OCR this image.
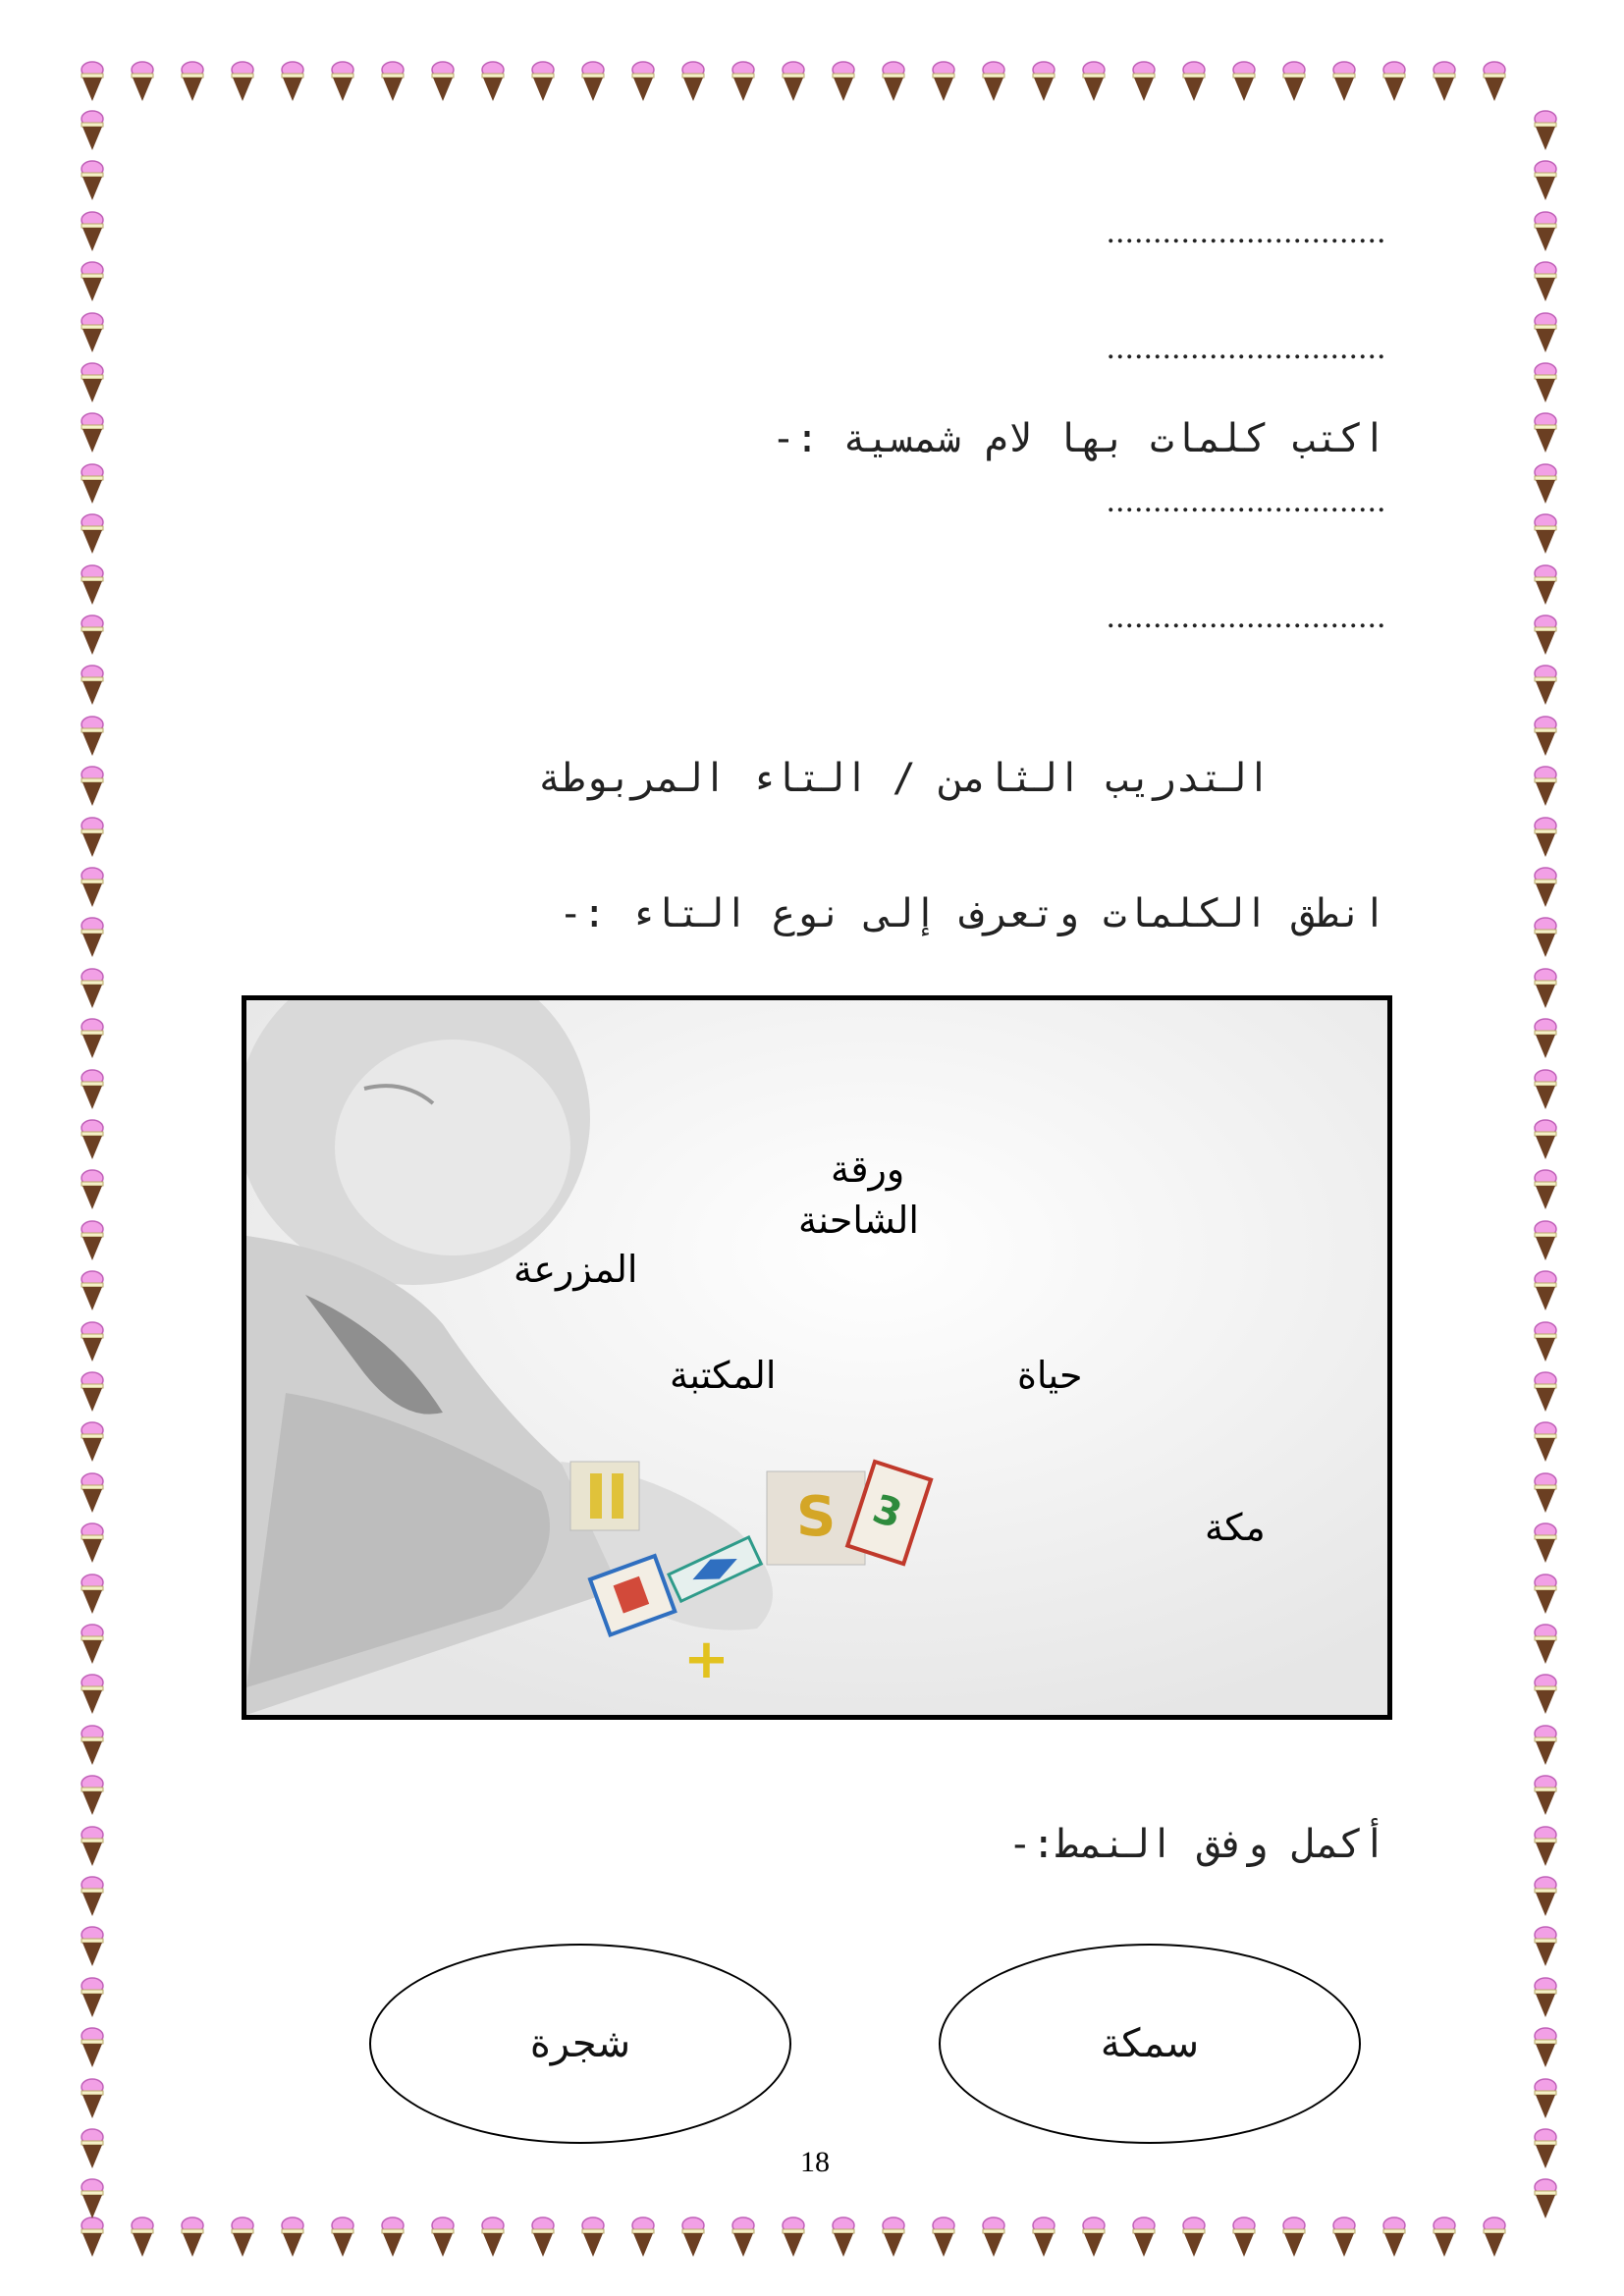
..............................
..............................
اكتب كلمات بها لام شمسية :-
..............................
..............................
التدريب الثامن / التاء المربوطة
انطق الكلمات وتعرف إلى نوع التاء :-
S 3
+
ورقة
الشاحنة
المزرعة
المكتبة	حياة
مكة
أكمل وفق النمط:-
سمكة
شجرة
18
